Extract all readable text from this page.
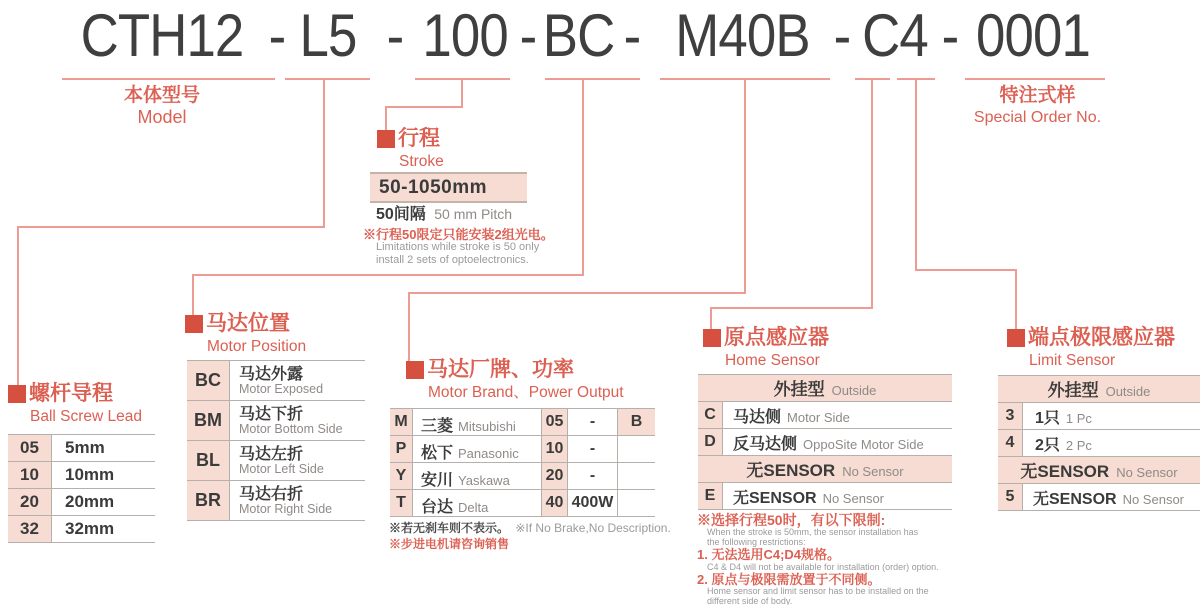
CTH12 - L5 - 100 - BC - M40B - C4 - 0001
本体型号
Model
特注式样
Special Order No.
行程
Stroke
50-1050mm
50间隔 50 mm Pitch
※行程50限定只能安装2组光电。
Limitations while stroke is 50 only
install 2 sets of optoelectronics.
螺杆导程
Ball Screw Lead
05	5mm
10	10mm
20	20mm
32	32mm
马达位置
Motor Position
BC	马达外露
Motor Exposed
BM	马达下折
Motor Bottom Side
BL	马达左折
Motor Left Side
BR	马达右折
Motor Right Side
马达厂牌、功率
Motor Brand、Power Output
M 三菱 Mitsubishi 05	-	B
P 松下 Panasonic 10	-
Y 安川 Yaskawa 20	-
T 台达 Delta	40 400W
※若无刹车则不表示。 ※If No Brake,No Description.
※步进电机请咨询销售
原点感应器
Home Sensor
外挂型 Outside
C	马达侧 Motor Side
D	反马达侧 OppoSite Motor Side
无SENSOR No Sensor
E	无SENSOR No Sensor
※选择行程50时，有以下限制:
When the stroke is 50mm, the sensor installation has
the following restrictions:
1. 无法选用C4;D4规格。
C4 & D4 will not be available for installation (order) option.
2. 原点与极限需放置于不同侧。
Home sensor and limit sensor has to be installed on the
different side of body.
端点极限感应器
Limit Sensor
外挂型 Outside
3	1只 1 Pc
4	2只 2 Pc
无SENSOR No Sensor
5	无SENSOR No Sensor
